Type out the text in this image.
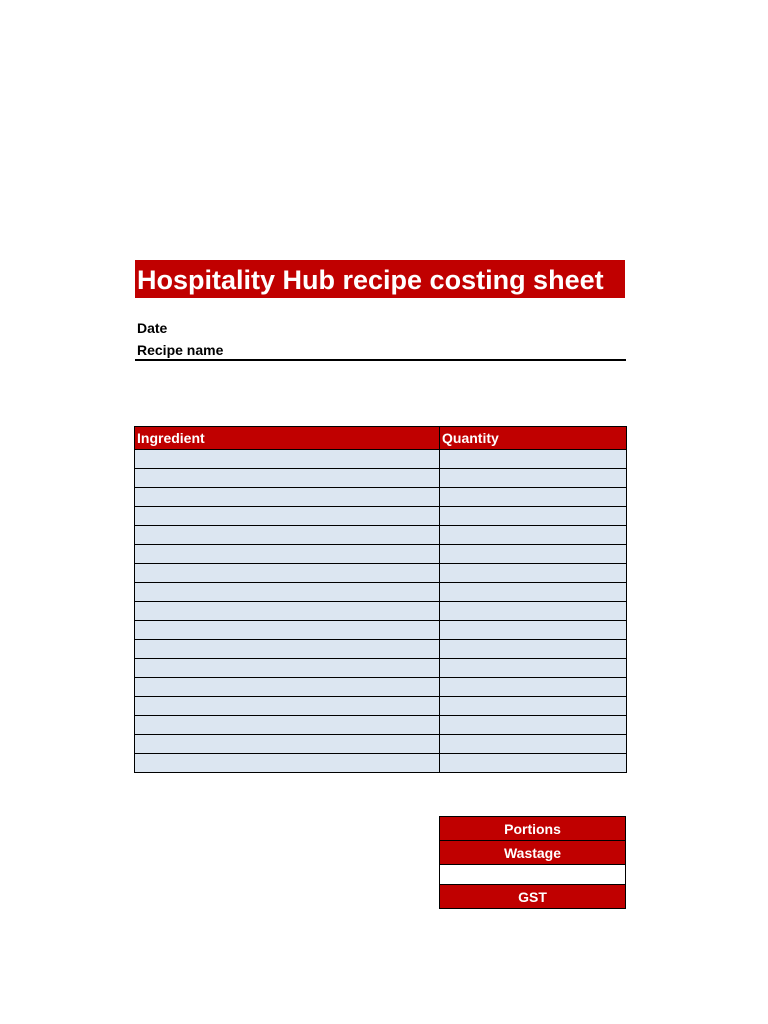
Hospitality Hub recipe costing sheet
Date
Recipe name
Ingredient	Quantity

Portions
Wastage

GST
